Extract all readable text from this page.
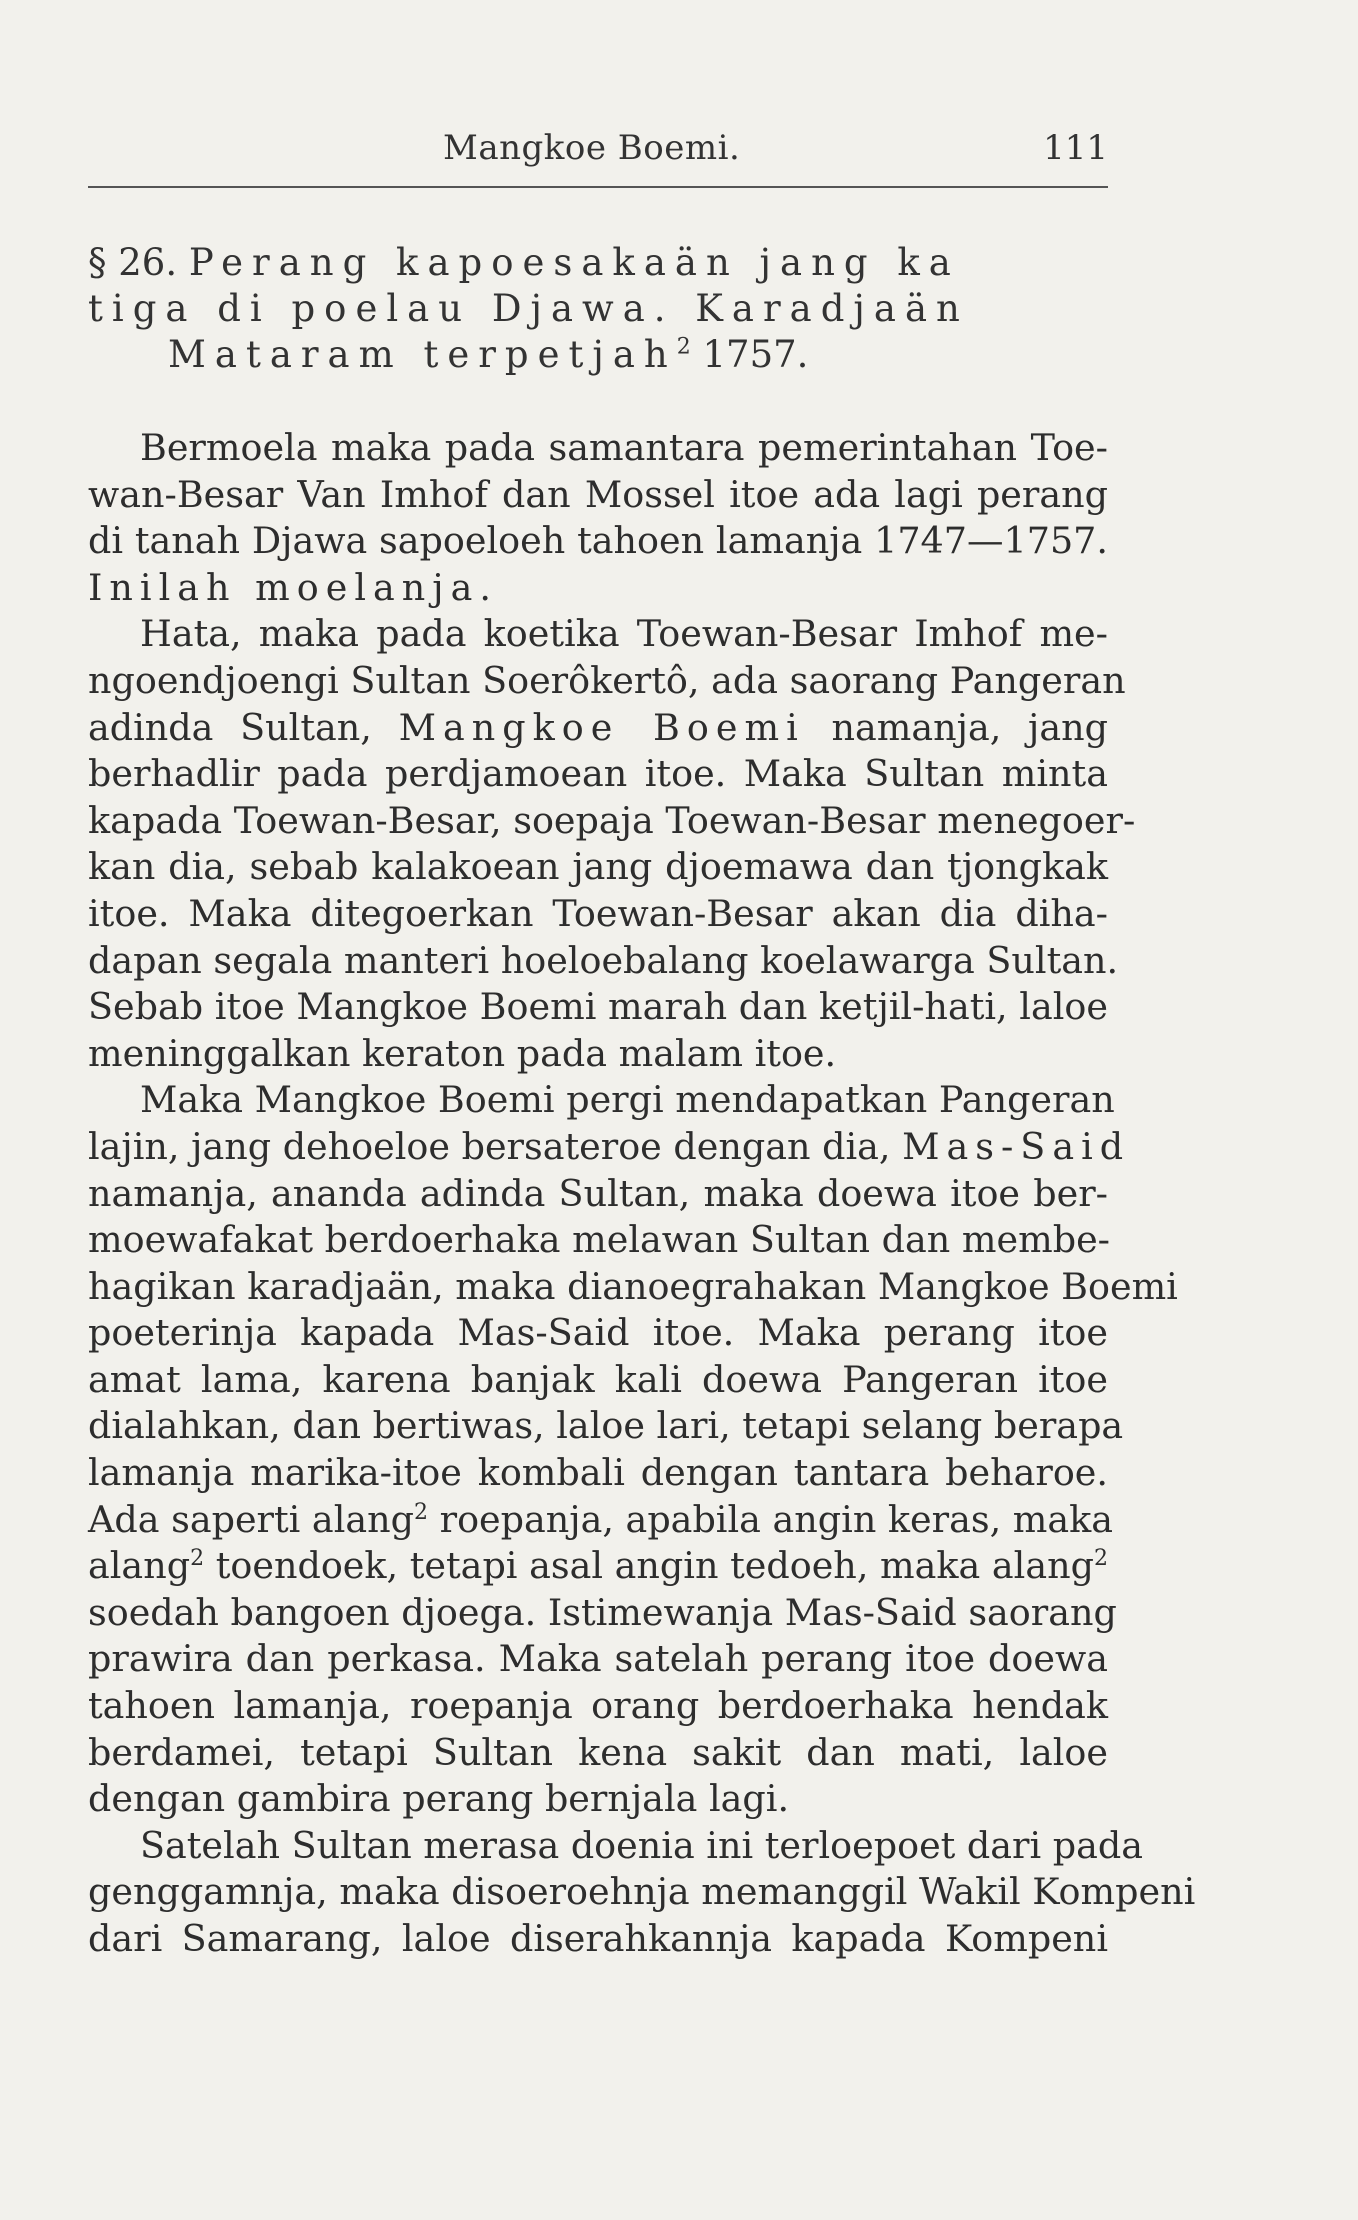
Mangkoe Boemi.	111
§ 26. Perang kapoesakaän jang ka
tiga di poelau Djawa. Karadjaän
Mataram terpetjah$^2$ 1757.
Bermoela maka pada samantara pemerintahan Toe-
wan-Besar Van Imhof dan Mossel itoe ada lagi perang
di tanah Djawa sapoeloeh tahoen lamanja 1747—1757.
Inilah moelanja.
Hata, maka pada koetika Toewan-Besar Imhof me-
ngoendjoengi Sultan Soerôkertô, ada saorang Pangeran
adinda Sultan, Mangkoe Boemi namanja, jang
berhadlir pada perdjamoean itoe. Maka Sultan minta
kapada Toewan-Besar, soepaja Toewan-Besar menegoer-
kan dia, sebab kalakoean jang djoemawa dan tjongkak
itoe. Maka ditegoerkan Toewan-Besar akan dia diha-
dapan segala manteri hoeloebalang koelawarga Sultan.
Sebab itoe Mangkoe Boemi marah dan ketjil-hati, laloe
meninggalkan keraton pada malam itoe.
Maka Mangkoe Boemi pergi mendapatkan Pangeran
lajin, jang dehoeloe bersateroe dengan dia, Mas-Said
namanja, ananda adinda Sultan, maka doewa itoe ber-
moewafakat berdoerhaka melawan Sultan dan membe-
hagikan karadjaän, maka dianoegrahakan Mangkoe Boemi
poeterinja kapada Mas-Said itoe. Maka perang itoe
amat lama, karena banjak kali doewa Pangeran itoe
dialahkan, dan bertiwas, laloe lari, tetapi selang berapa
lamanja marika-itoe kombali dengan tantara beharoe.
Ada saperti alang$^2$ roepanja, apabila angin keras, maka
alang$^2$ toendoek, tetapi asal angin tedoeh, maka alang$^2$
soedah bangoen djoega. Istimewanja Mas-Said saorang
prawira dan perkasa. Maka satelah perang itoe doewa
tahoen lamanja, roepanja orang berdoerhaka hendak
berdamei, tetapi Sultan kena sakit dan mati, laloe
dengan gambira perang bernjala lagi.
Satelah Sultan merasa doenia ini terloepoet dari pada
genggamnja, maka disoeroehnja memanggil Wakil Kompeni
dari Samarang, laloe diserahkannja kapada Kompeni
